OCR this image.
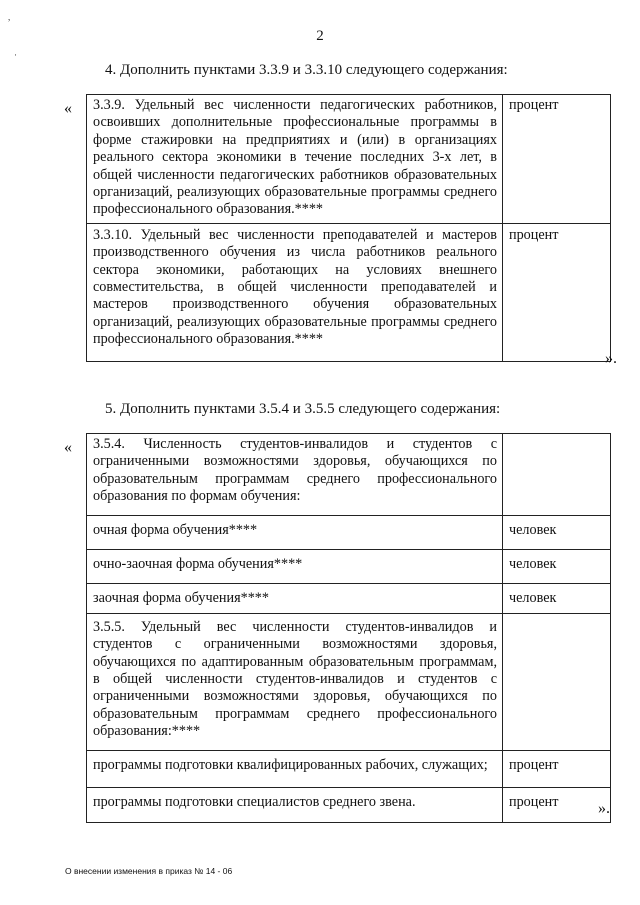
,
·
2
4. Дополнить пунктами 3.3.9 и 3.3.10 следующего содержания:
« 3.3.9. Удельный вес численности педагогических работников, освоивших дополнительные профессиональные программы в форме стажировки на предприятиях и (или) в организациях реального сектора экономики в течение последних 3-х лет, в общей численности педагогических работников образовательных организаций, реализующих образовательные программы среднего профессионального образования.****	процент
3.3.10. Удельный вес численности преподавателей и мастеров производственного обучения из числа работников реального сектора экономики, работающих на условиях внешнего совместительства, в общей численности преподавателей и мастеров производственного обучения образовательных организаций, реализующих образовательные программы среднего профессионального образования.****	процент
».
5. Дополнить пунктами 3.5.4 и 3.5.5 следующего содержания:
« 3.5.4. Численность студентов-инвалидов и студентов с ограниченными возможностями здоровья, обучающихся по образовательным программам среднего профессионального образования по формам обучения:	
очная форма обучения****	человек
очно-заочная форма обучения****	человек
заочная форма обучения****	человек
3.5.5. Удельный вес численности студентов-инвалидов и студентов с ограниченными возможностями здоровья, обучающихся по адаптированным образовательным программам, в общей численности студентов-инвалидов и студентов с ограниченными возможностями здоровья, обучающихся по образовательным программам среднего профессионального образования:****	
программы подготовки квалифицированных рабочих, служащих;	процент
программы подготовки специалистов среднего звена.	процент ».
О внесении изменения в приказ № 14 - 06
